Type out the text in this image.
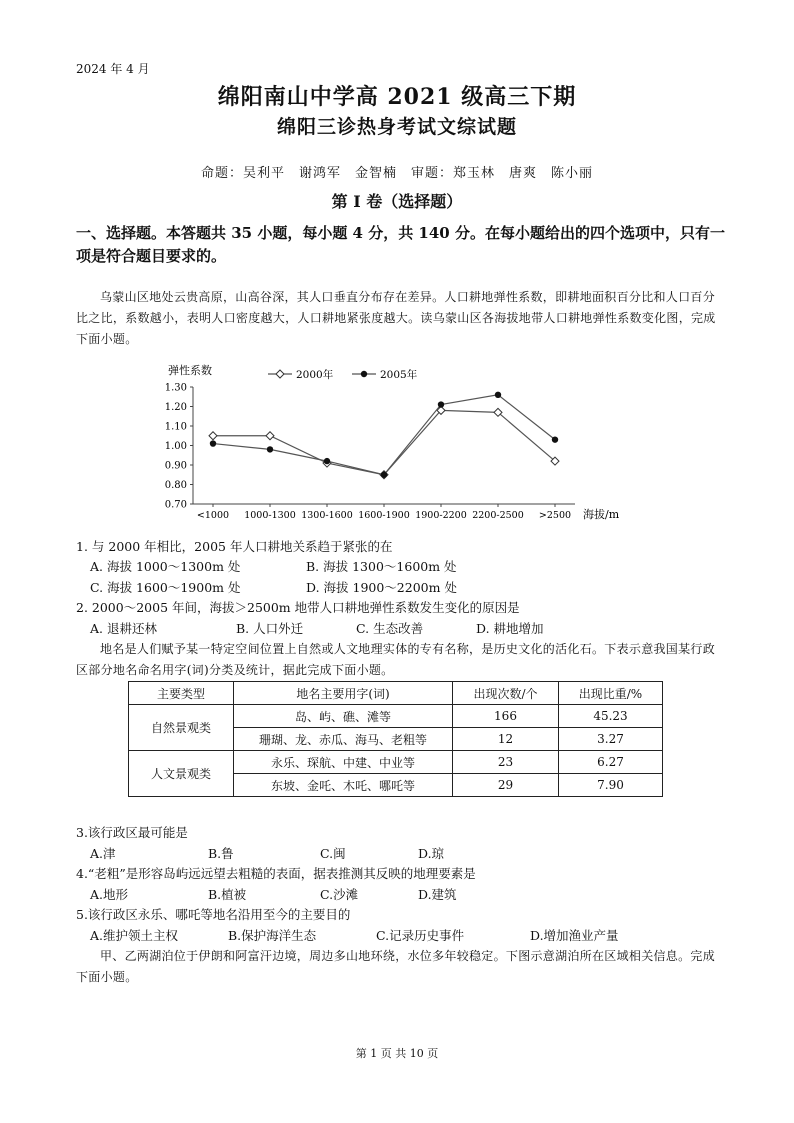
2024 年 4 月
绵阳南山中学高 2021 级高三下期
绵阳三诊热身考试文综试题
命题：吴利平　谢鸿军　金智楠　审题：郑玉林　唐爽　陈小丽
第 Ⅰ 卷（选择题）
一、选择题。本答题共 35 小题，每小题 4 分，共 140 分。在每小题给出的四个选项中，只有一项是符合题目要求的。
乌蒙山区地处云贵高原，山高谷深，其人口垂直分布存在差异。人口耕地弹性系数，即耕地面积百分比和人口百分比之比，系数越小，表明人口密度越大，人口耕地紧张度越大。读乌蒙山区各海拔地带人口耕地弹性系数变化图，完成下面小题。
弹性系数
1.30
1.20
1.10
1.00
0.90
0.80
0.70
<1000 1000-1300 1300-1600 1600-1900 1900-2200 2200-2500 >2500
2000年	2005年
海拔/m
1. 与 2000 年相比，2005 年人口耕地关系趋于紧张的在
A. 海拔 1000～1300m 处	B. 海拔 1300～1600m 处
C. 海拔 1600～1900m 处	D. 海拔 1900～2200m 处
2. 2000～2005 年间，海拔＞2500m 地带人口耕地弹性系数发生变化的原因是
A. 退耕还林	B. 人口外迁	C. 生态改善	D. 耕地增加
地名是人们赋予某一特定空间位置上自然或人文地理实体的专有名称，是历史文化的活化石。下表示意我国某行政区部分地名命名用字(词)分类及统计，据此完成下面小题。
主要类型	地名主要用字(词)	出现次数/个	出现比重/%
自然景观类	岛、屿、礁、滩等	166	45.23
	珊瑚、龙、赤瓜、海马、老粗等	12	3.27
人文景观类	永乐、琛航、中建、中业等	23	6.27
	东坡、金吒、木吒、哪吒等	29	7.90
3.该行政区最可能是
A.津	B.鲁	C.闽	D.琼
4.“老粗”是形容岛屿远远望去粗糙的表面，据表推测其反映的地理要素是
A.地形	B.植被	C.沙滩	D.建筑
5.该行政区永乐、哪吒等地名沿用至今的主要目的
A.维护领土主权	B.保护海洋生态	C.记录历史事件	D.增加渔业产量
甲、乙两湖泊位于伊朗和阿富汗边境，周边多山地环绕，水位多年较稳定。下图示意湖泊所在区域相关信息。完成下面小题。
第 1 页 共 10 页
